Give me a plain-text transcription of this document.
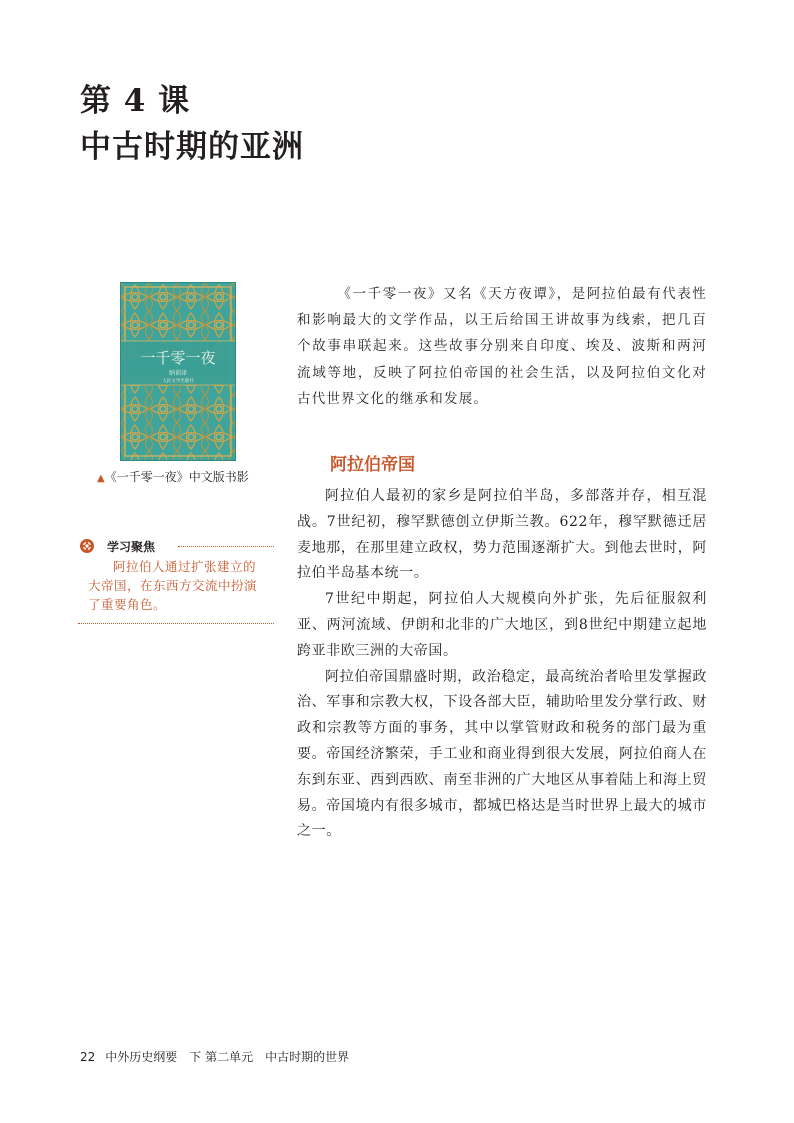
第 4 课
中古时期的亚洲
一千零一夜
纳训译
人民文学出版社
▲《一千零一夜》中文版书影
学习聚焦

阿拉伯人通过扩张建立的大帝国，在东西方交流中扮演了重要角色。

《一千零一夜》又名《天方夜谭》，是阿拉伯最有代表性和影响最大的文学作品，以王后给国王讲故事为线索，把几百个故事串联起来。这些故事分别来自印度、埃及、波斯和两河流域等地，反映了阿拉伯帝国的社会生活，以及阿拉伯文化对古代世界文化的继承和发展。

阿拉伯帝国

阿拉伯人最初的家乡是阿拉伯半岛，多部落并存，相互混战。7世纪初，穆罕默德创立伊斯兰教。622年，穆罕默德迁居麦地那，在那里建立政权，势力范围逐渐扩大。到他去世时，阿拉伯半岛基本统一。

7世纪中期起，阿拉伯人大规模向外扩张，先后征服叙利亚、两河流域、伊朗和北非的广大地区，到8世纪中期建立起地跨亚非欧三洲的大帝国。

阿拉伯帝国鼎盛时期，政治稳定，最高统治者哈里发掌握政治、军事和宗教大权，下设各部大臣，辅助哈里发分掌行政、财政和宗教等方面的事务，其中以掌管财政和税务的部门最为重要。帝国经济繁荣，手工业和商业得到很大发展，阿拉伯商人在东到东亚、西到西欧、南至非洲的广大地区从事着陆上和海上贸易。帝国境内有很多城市，都城巴格达是当时世界上最大的城市之一。

22 中外历史纲要　下 第二单元　中古时期的世界
